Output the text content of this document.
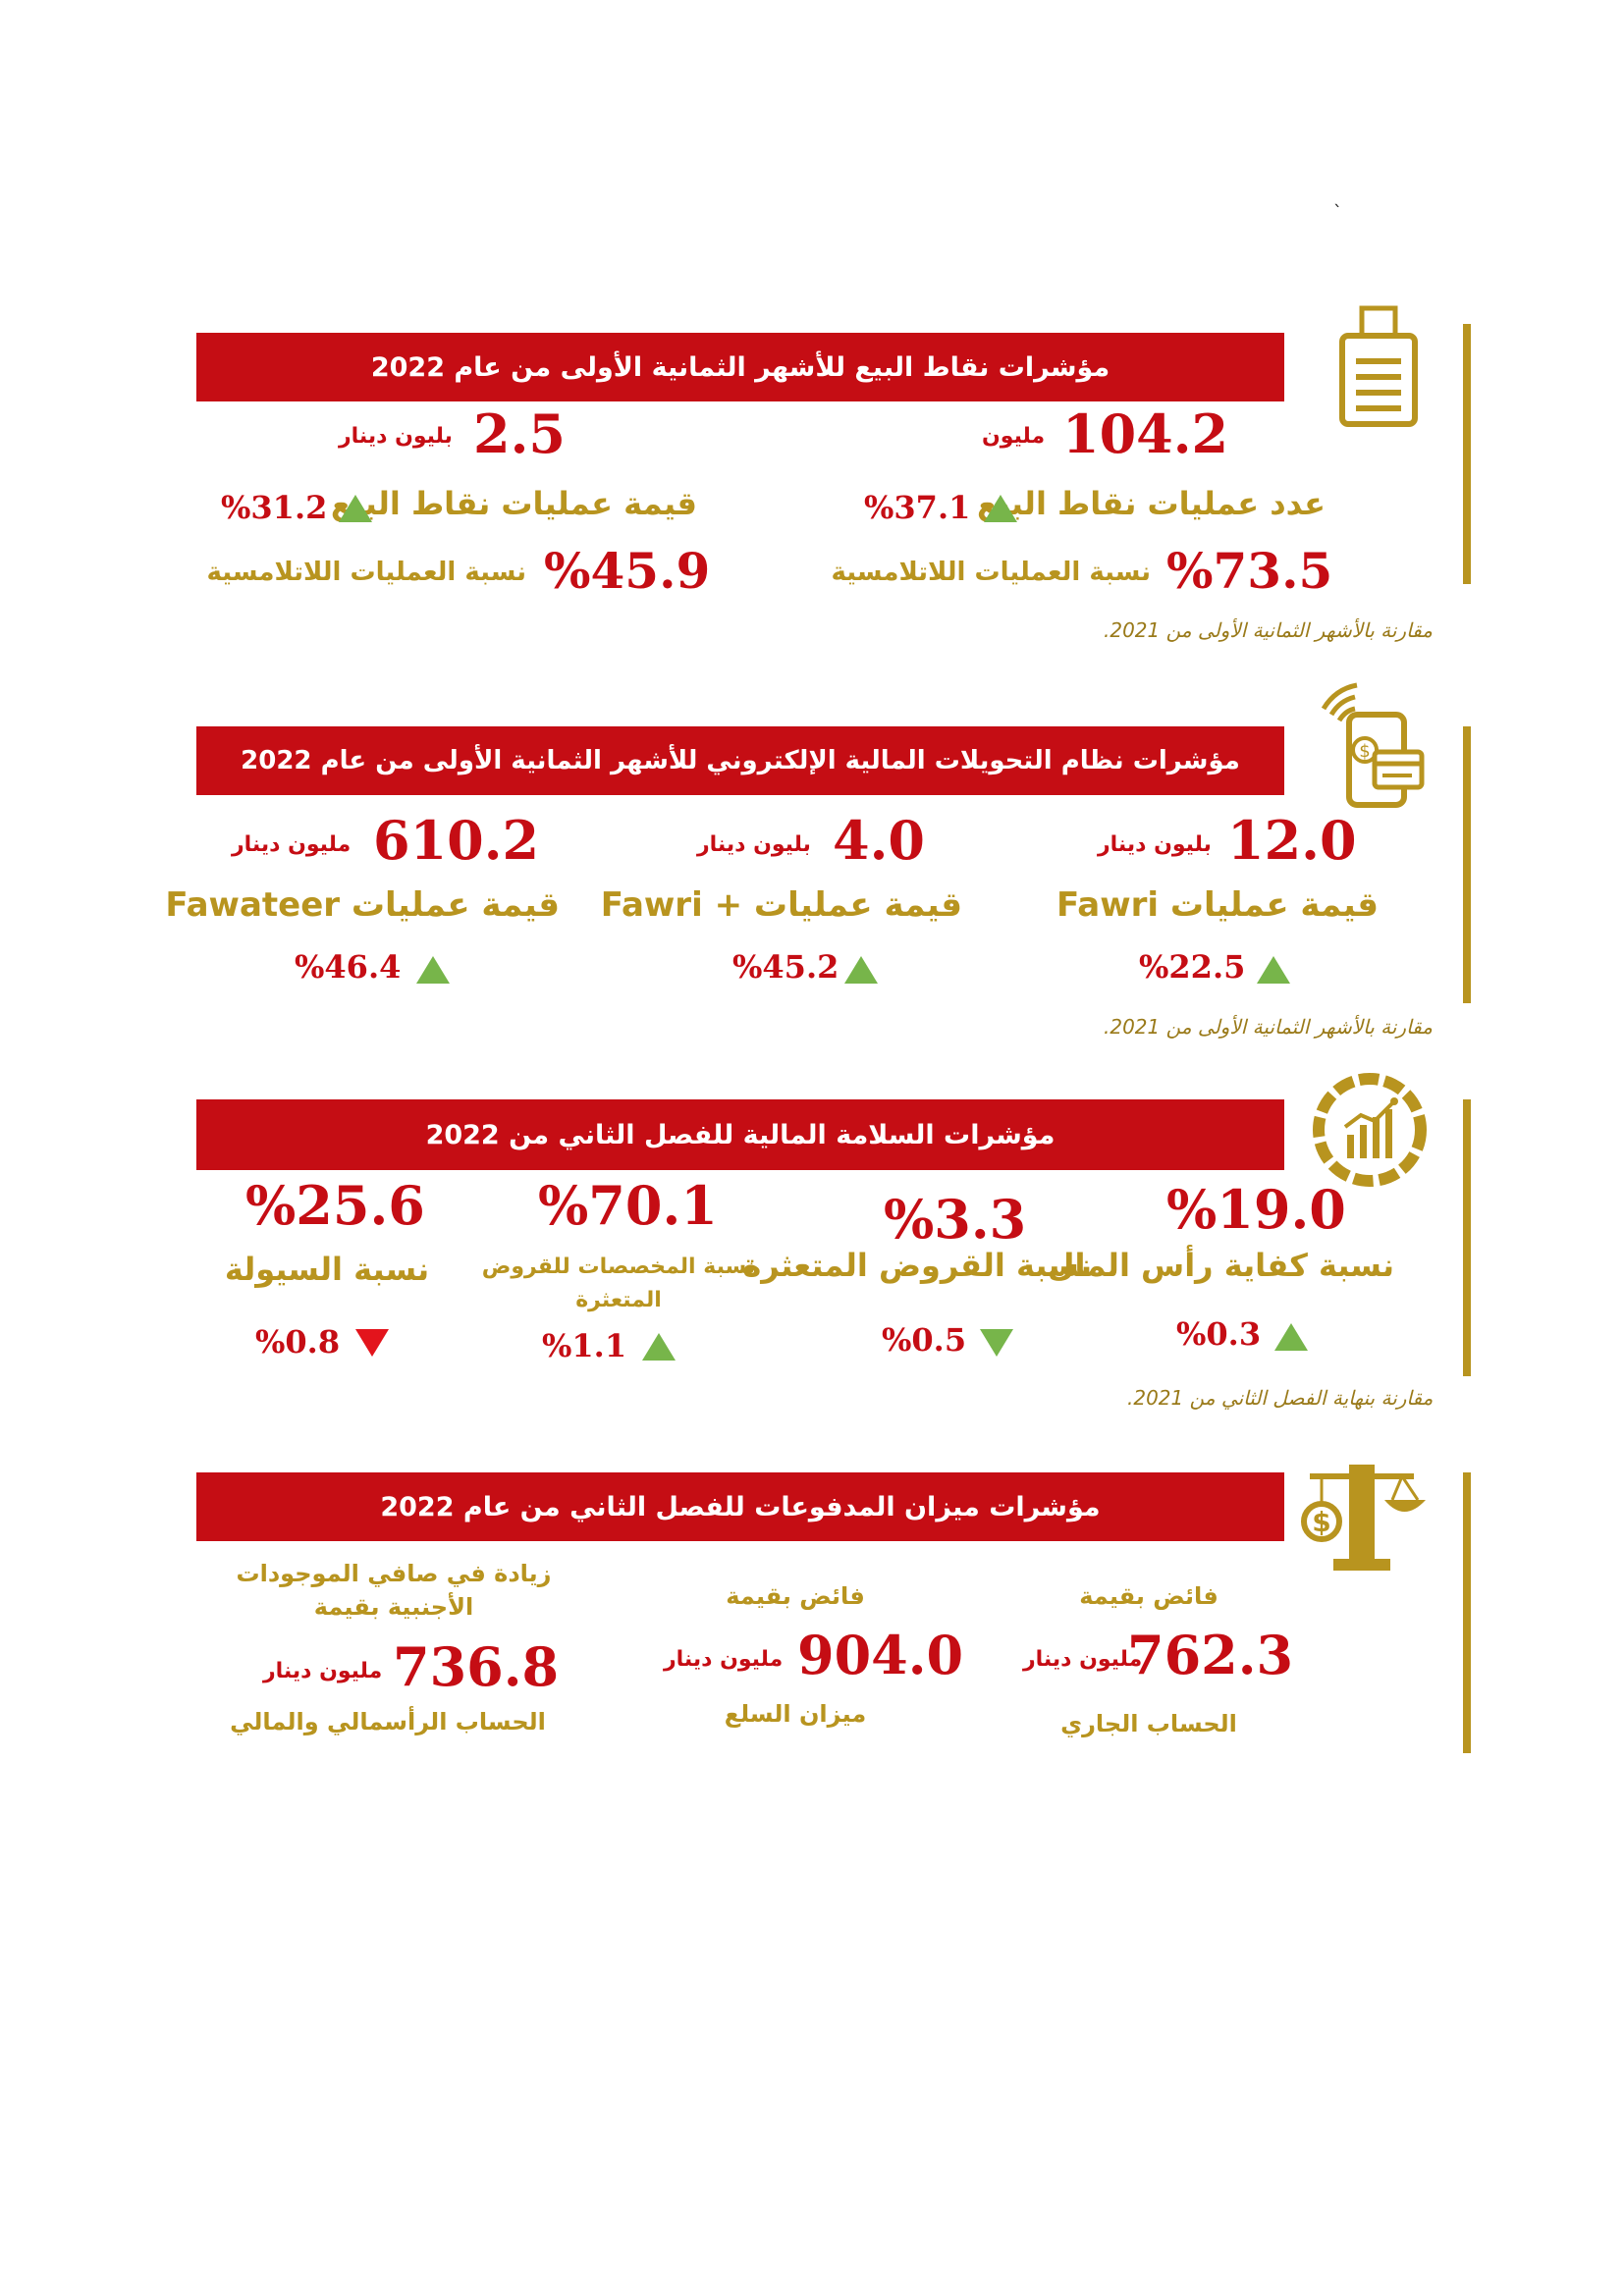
`
مؤشرات نقاط البيع للأشهر الثمانية الأولى من عام 2022
104.2
مليون
عدد عمليات نقاط البيع
%37.1
%73.5
نسبة العمليات اللاتلامسية
2.5
بليون دينار
قيمة عمليات نقاط البيع
%31.2
%45.9
نسبة العمليات اللاتلامسية
مقارنة بالأشهر الثمانية الأولى من 2021.
مؤشرات نظام التحويلات المالية الإلكتروني للأشهر الثمانية الأولى من عام 2022	$
12.0
بليون دينار
قيمة عمليات Fawri
%22.5
4.0
بليون دينار
قيمة عمليات + Fawri
%45.2
610.2
مليون دينار
قيمة عمليات Fawateer
%46.4
مقارنة بالأشهر الثمانية الأولى من 2021.
مؤشرات السلامة المالية للفصل الثاني من 2022
%19.0
نسبة كفاية رأس المال
%0.3
%3.3
نسبة القروض المتعثرة
%0.5
%70.1
نسبة المخصصات للقروض المتعثرة
%1.1
%25.6
نسبة السيولة
%0.8
مقارنة بنهاية الفصل الثاني من 2021.
مؤشرات ميزان المدفوعات للفصل الثاني من عام 2022	$
فائض بقيمة
762.3
مليون دينار
الحساب الجاري
فائض بقيمة
904.0
مليون دينار
ميزان السلع
زيادة في صافي الموجودات الأجنبية بقيمة
736.8
مليون دينار
الحساب الرأسمالي والمالي
